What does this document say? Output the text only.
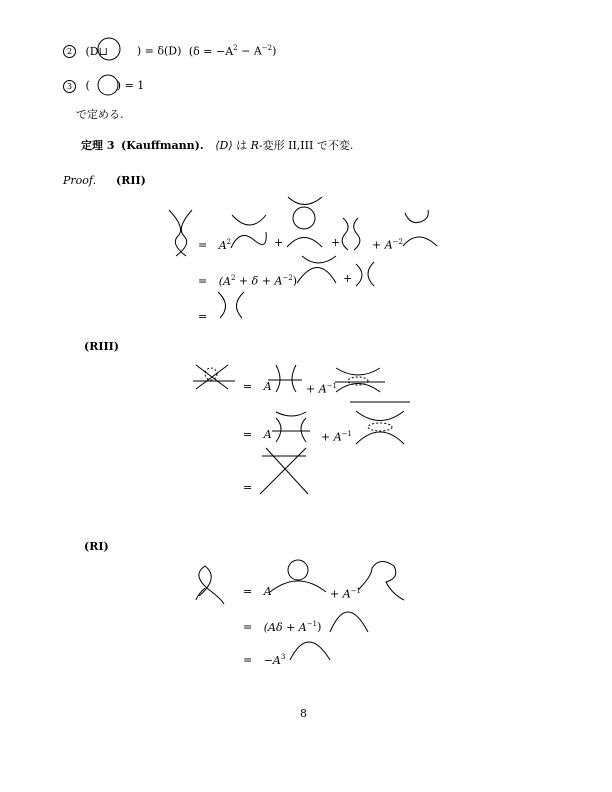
2 (D⊔	) = δ(D) $(\delta = -A^2 - A^{-2})$
3 ( ) = 1
で定める.
定理 3 (Kauffmann). ⟨D⟩ は R-変形 II,III で不変.
Proof. (RII)
(RIII)
(RI)
= $A^2$	+	+	+ $A^{-2}$
= $(A^2 + \delta + A^{-2})$	+
=
= A	+ $A^{-1}$
= A	+ $A^{-1}$
=
= A	+ $A^{-1}$
= $(A\delta + A^{-1})$
= $-A^3$
8
